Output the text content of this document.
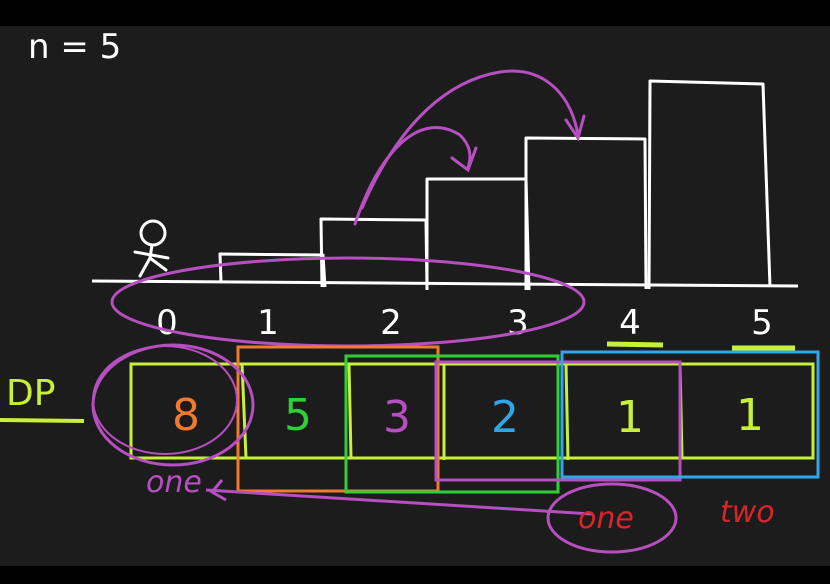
n = 5
0 1	2	3	4	5
DP	8 5 3 2 1 1
one
one	two
